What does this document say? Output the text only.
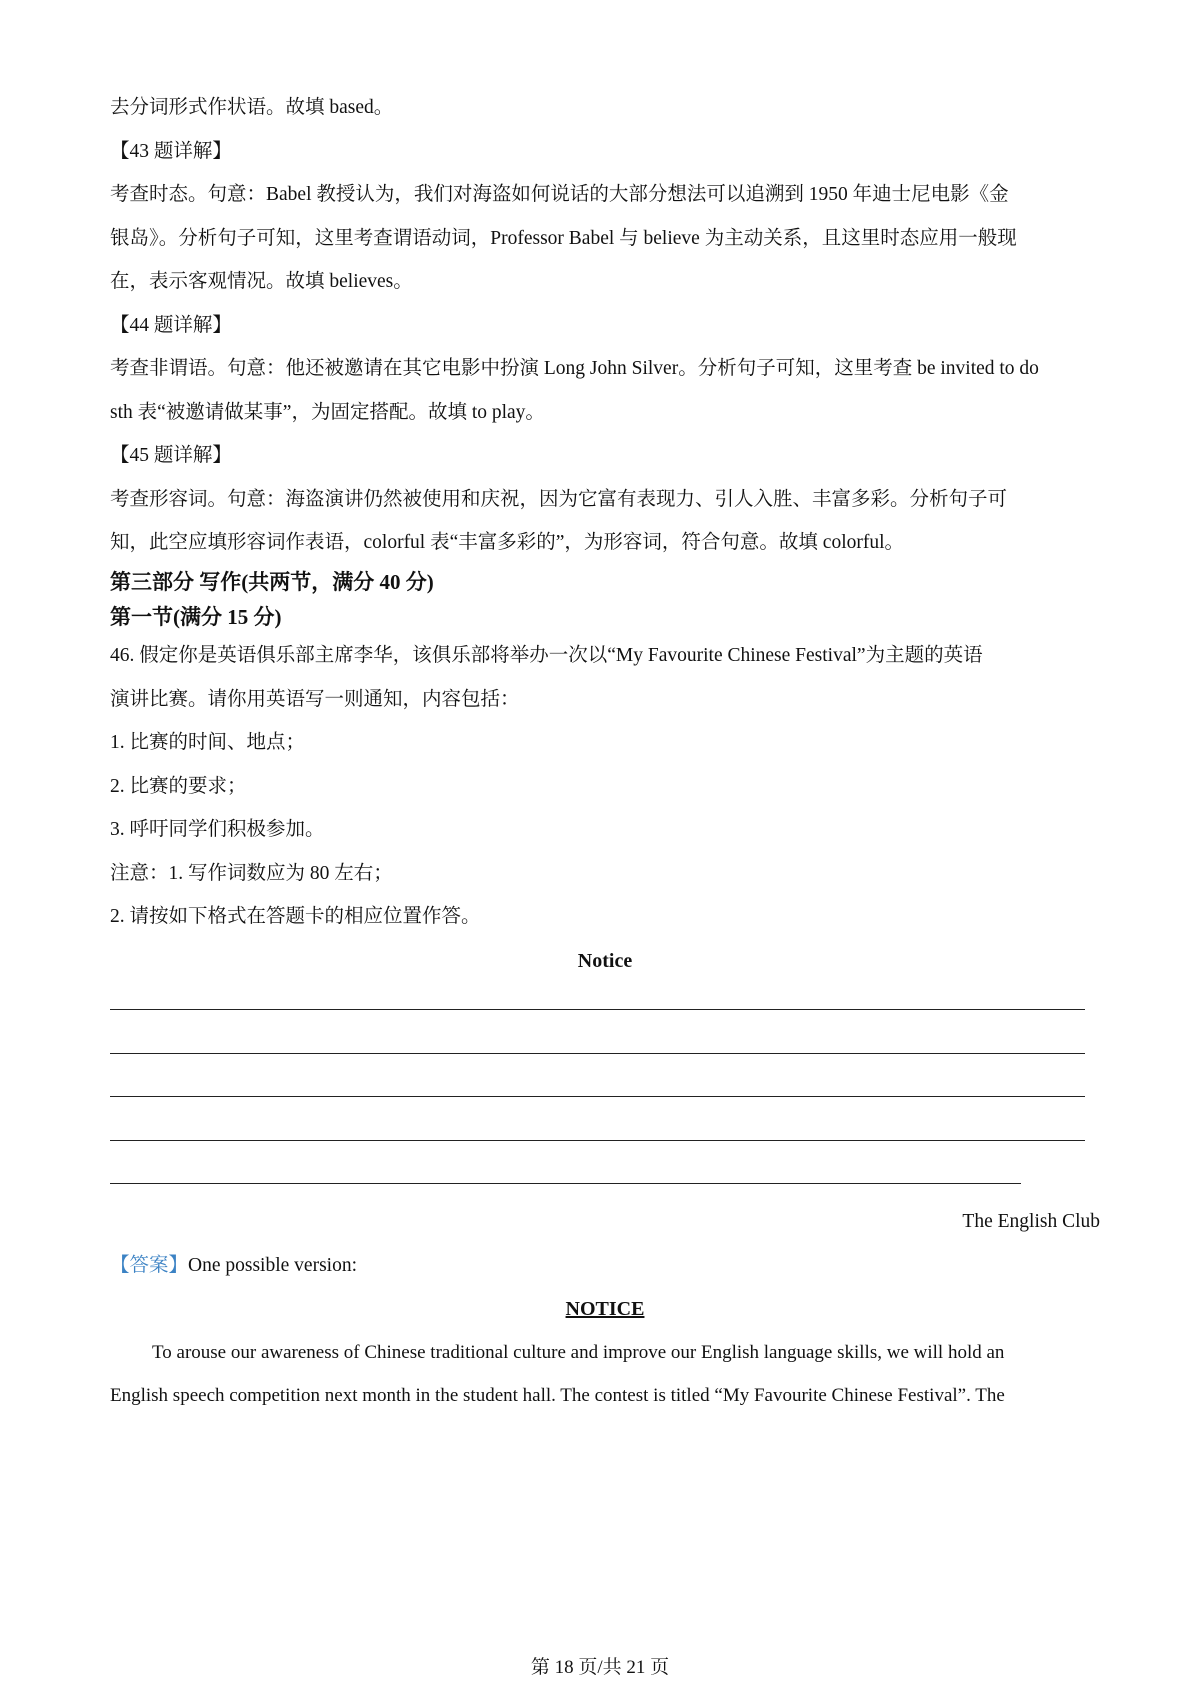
去分词形式作状语。故填 based。
【43 题详解】
考查时态。句意：Babel 教授认为，我们对海盗如何说话的大部分想法可以追溯到 1950 年迪士尼电影《金
银岛》。分析句子可知，这里考查谓语动词，Professor Babel 与 believe 为主动关系，且这里时态应用一般现
在，表示客观情况。故填 believes。
【44 题详解】
考查非谓语。句意：他还被邀请在其它电影中扮演 Long John Silver。分析句子可知，这里考查 be invited to do
sth 表“被邀请做某事”，为固定搭配。故填 to play。
【45 题详解】
考查形容词。句意：海盗演讲仍然被使用和庆祝，因为它富有表现力、引人入胜、丰富多彩。分析句子可
知，此空应填形容词作表语，colorful 表“丰富多彩的”，为形容词，符合句意。故填 colorful。
第三部分 写作(共两节，满分 40 分)
第一节(满分 15 分)
46. 假定你是英语俱乐部主席李华，该俱乐部将举办一次以“My Favourite Chinese Festival”为主题的英语
演讲比赛。请你用英语写一则通知，内容包括：
1. 比赛的时间、地点；
2. 比赛的要求；
3. 呼吁同学们积极参加。
注意：1. 写作词数应为 80 左右；
2. 请按如下格式在答题卡的相应位置作答。
Notice
The English Club
【答案】One possible version:
NOTICE
To arouse our awareness of Chinese traditional culture and improve our English language skills, we will hold an
English speech competition next month in the student hall. The contest is titled “My Favourite Chinese Festival”. The
第 18 页/共 21 页
